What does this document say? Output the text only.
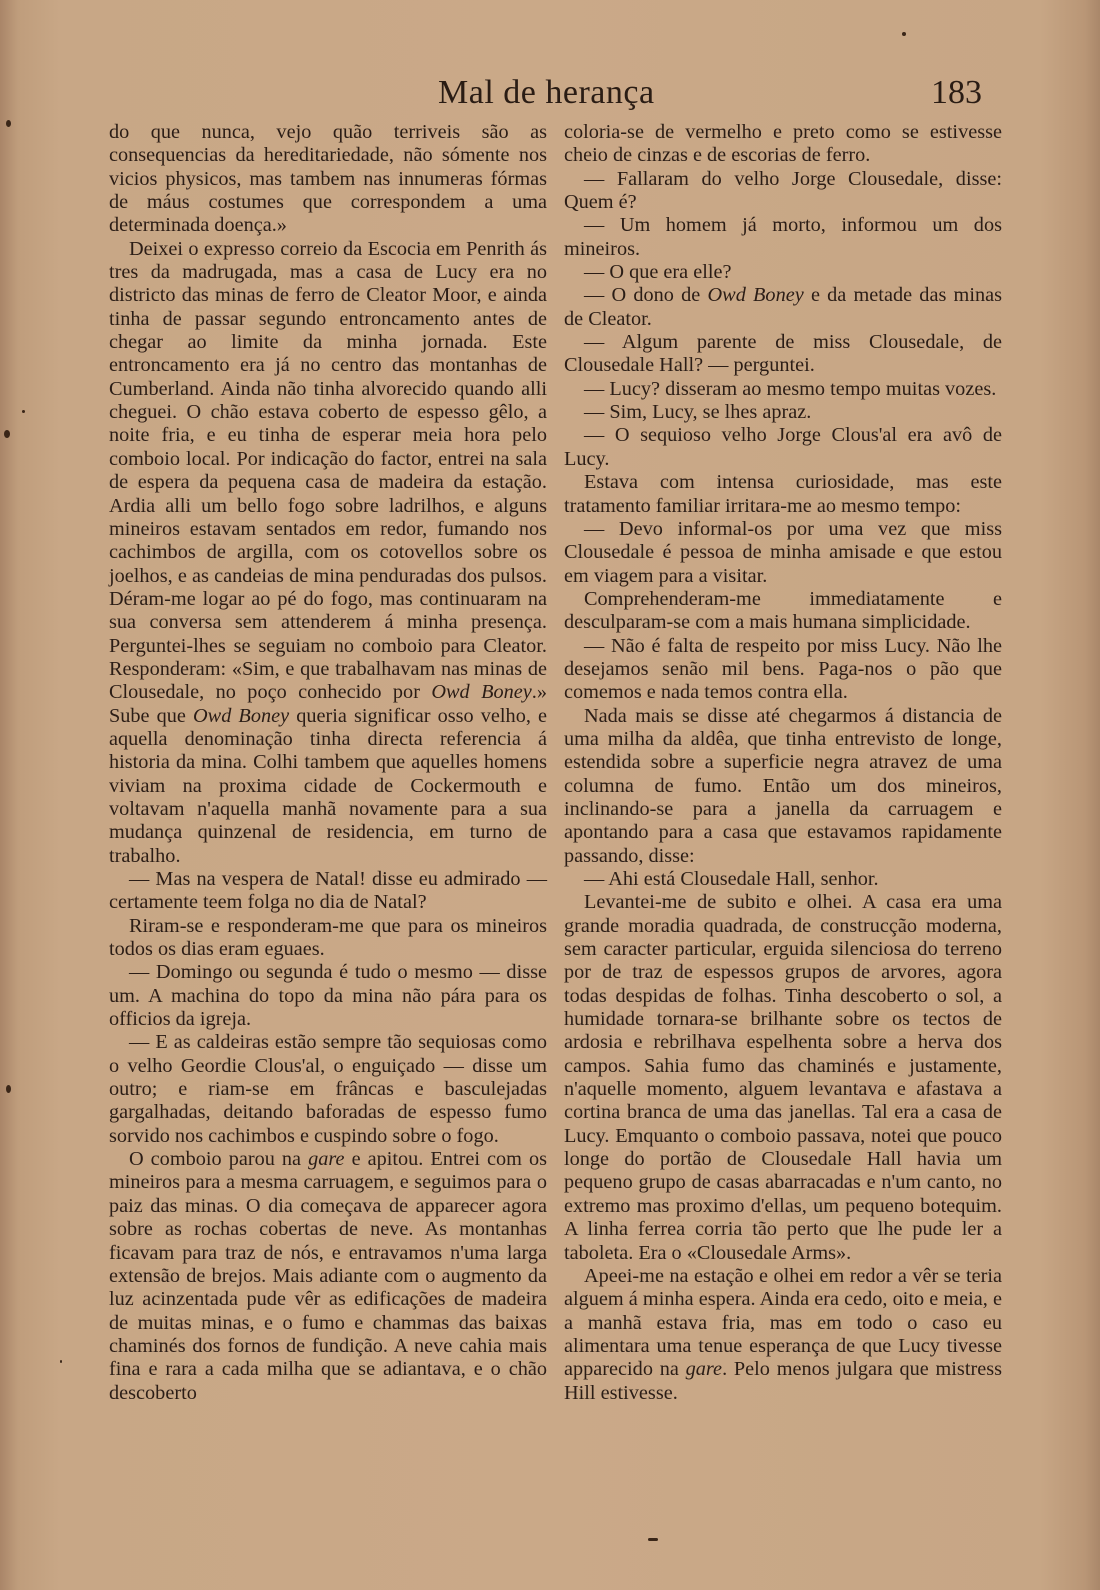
Mal de herança	183

do que nunca, vejo quão terriveis são as consequencias da hereditariedade, não sómente nos vicios physicos, mas tambem nas innumeras fórmas de máus costumes que correspondem a uma determinada doença.»

Deixei o expresso correio da Escocia em Penrith ás tres da madrugada, mas a casa de Lucy era no districto das minas de ferro de Cleator Moor, e ainda tinha de passar segundo entroncamento antes de chegar ao limite da minha jornada. Este entroncamento era já no centro das montanhas de Cumberland. Ainda não tinha alvorecido quando alli cheguei. O chão estava coberto de espesso gêlo, a noite fria, e eu tinha de esperar meia hora pelo comboio local. Por indicação do factor, entrei na sala de espera da pequena casa de madeira da estação. Ardia alli um bello fogo sobre ladrilhos, e alguns mineiros estavam sentados em redor, fumando nos cachimbos de argilla, com os cotovellos sobre os joelhos, e as candeias de mina penduradas dos pulsos. Déram-me logar ao pé do fogo, mas continuaram na sua conversa sem attenderem á minha presença. Perguntei-lhes se seguiam no comboio para Cleator. Responderam: «Sim, e que trabalhavam nas minas de Clousedale, no poço conhecido por Owd Boney.» Sube que Owd Boney queria significar osso velho, e aquella denominação tinha directa referencia á historia da mina. Colhi tambem que aquelles homens viviam na proxima cidade de Cockermouth e voltavam n'aquella manhã novamente para a sua mudança quinzenal de residencia, em turno de trabalho.

— Mas na vespera de Natal! disse eu admirado — certamente teem folga no dia de Natal?

Riram-se e responderam-me que para os mineiros todos os dias eram eguaes.

— Domingo ou segunda é tudo o mesmo — disse um. A machina do topo da mina não pára para os officios da igreja.

— E as caldeiras estão sempre tão sequiosas como o velho Geordie Clous'al, o enguiçado — disse um outro; e riam-se em frâncas e basculejadas gargalhadas, deitando baforadas de espesso fumo sorvido nos cachimbos e cuspindo sobre o fogo.

O comboio parou na gare e apitou. Entrei com os mineiros para a mesma carruagem, e seguimos para o paiz das minas. O dia começava de apparecer agora sobre as rochas cobertas de neve. As montanhas ficavam para traz de nós, e entravamos n'uma larga extensão de brejos. Mais adiante com o augmento da luz acinzentada pude vêr as edificações de madeira de muitas minas, e o fumo e chammas das baixas chaminés dos fornos de fundição. A neve cahia mais fina e rara a cada milha que se adiantava, e o chão descoberto

coloria-se de vermelho e preto como se estivesse cheio de cinzas e de escorias de ferro.

— Fallaram do velho Jorge Clousedale, disse: Quem é?

— Um homem já morto, informou um dos mineiros.

— O que era elle?

— O dono de Owd Boney e da metade das minas de Cleator.

— Algum parente de miss Clousedale, de Clousedale Hall? — perguntei.

— Lucy? disseram ao mesmo tempo muitas vozes.

— Sim, Lucy, se lhes apraz.

— O sequioso velho Jorge Clous'al era avô de Lucy.

Estava com intensa curiosidade, mas este tratamento familiar irritara-me ao mesmo tempo:

— Devo informal-os por uma vez que miss Clousedale é pessoa de minha amisade e que estou em viagem para a visitar.

Comprehenderam-me immediatamente e desculparam-se com a mais humana simplicidade.

— Não é falta de respeito por miss Lucy. Não lhe desejamos senão mil bens. Paga-nos o pão que comemos e nada temos contra ella.

Nada mais se disse até chegarmos á distancia de uma milha da aldêa, que tinha entrevisto de longe, estendida sobre a superficie negra atravez de uma columna de fumo. Então um dos mineiros, inclinando-se para a janella da carruagem e apontando para a casa que estavamos rapidamente passando, disse:

— Ahi está Clousedale Hall, senhor.

Levantei-me de subito e olhei. A casa era uma grande moradia quadrada, de construcção moderna, sem caracter particular, erguida silenciosa do terreno por de traz de espessos grupos de arvores, agora todas despidas de folhas. Tinha descoberto o sol, a humidade tornara-se brilhante sobre os tectos de ardosia e rebrilhava espelhenta sobre a herva dos campos. Sahia fumo das chaminés e justamente, n'aquelle momento, alguem levantava e afastava a cortina branca de uma das janellas. Tal era a casa de Lucy. Emquanto o comboio passava, notei que pouco longe do portão de Clousedale Hall havia um pequeno grupo de casas abarracadas e n'um canto, no extremo mas proximo d'ellas, um pequeno botequim. A linha ferrea corria tão perto que lhe pude ler a taboleta. Era o «Clousedale Arms».

Apeei-me na estação e olhei em redor a vêr se teria alguem á minha espera. Ainda era cedo, oito e meia, e a manhã estava fria, mas em todo o caso eu alimentara uma tenue esperança de que Lucy tivesse apparecido na gare. Pelo menos julgara que mistress Hill estivesse.
